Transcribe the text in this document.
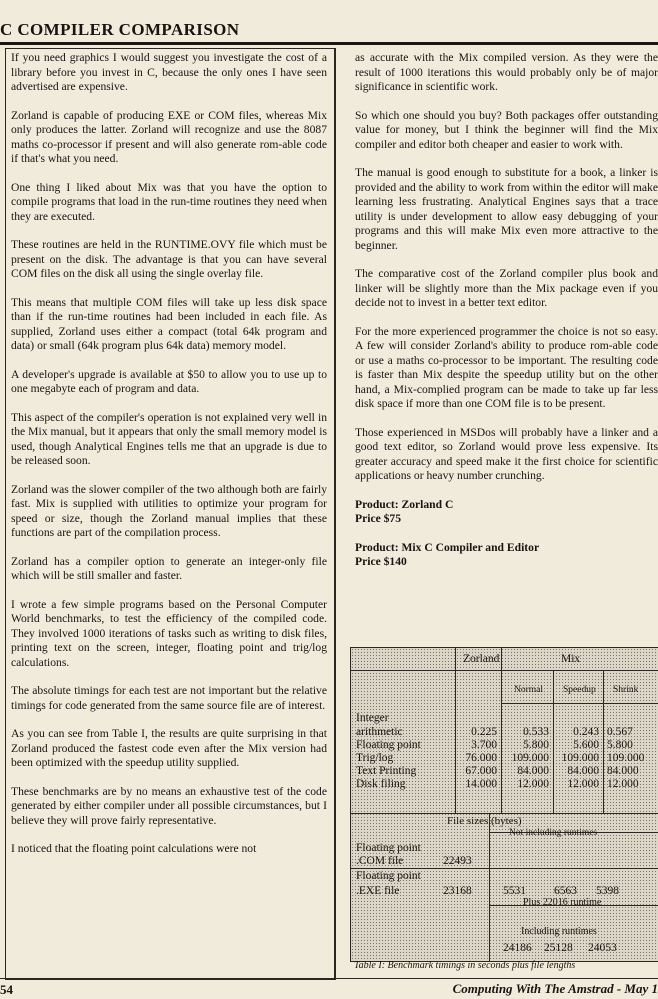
C COMPILER COMPARISON

If you need graphics I would suggest you investigate the cost of a library before you invest in C, because the only ones I have seen advertised are expensive.

Zorland is capable of producing EXE or COM files, whereas Mix only produces the latter. Zorland will recognize and use the 8087 maths co-processor if present and will also generate rom-able code if that's what you need.

One thing I liked about Mix was that you have the option to compile programs that load in the run-time routines they need when they are executed.

These routines are held in the RUNTIME.OVY file which must be present on the disk. The advantage is that you can have several COM files on the disk all using the single overlay file.

This means that multiple COM files will take up less disk space than if the run-time routines had been included in each file. As supplied, Zorland uses either a compact (total 64k program and data) or small (64k program plus 64k data) memory model.

A developer's upgrade is available at $50 to allow you to use up to one megabyte each of program and data.

This aspect of the compiler's operation is not explained very well in the Mix manual, but it appears that only the small memory model is used, though Analytical Engines tells me that an upgrade is due to be released soon.

Zorland was the slower compiler of the two although both are fairly fast. Mix is supplied with utilities to optimize your program for speed or size, though the Zorland manual implies that these functions are part of the compilation process.

Zorland has a compiler option to generate an integer-only file which will be still smaller and faster.

I wrote a few simple programs based on the Personal Computer World benchmarks, to test the efficiency of the compiled code. They involved 1000 iterations of tasks such as writing to disk files, printing text on the screen, integer, floating point and trig/log calculations.

The absolute timings for each test are not important but the relative timings for code generated from the same source file are of interest.

As you can see from Table I, the results are quite surprising in that Zorland produced the fastest code even after the Mix version had been optimized with the speedup utility supplied.

These benchmarks are by no means an exhaustive test of the code generated by either compiler under all possible circumstances, but I believe they will prove fairly representative.

I noticed that the floating point calculations were not

as accurate with the Mix compiled version. As they were the result of 1000 iterations this would probably only be of major significance in scientific work.

So which one should you buy? Both packages offer outstanding value for money, but I think the beginner will find the Mix compiler and editor both cheaper and easier to work with.

The manual is good enough to substitute for a book, a linker is provided and the ability to work from within the editor will make learning less frustrating. Analytical Engines says that a trace utility is under development to allow easy debugging of your programs and this will make Mix even more attractive to the beginner.

The comparative cost of the Zorland compiler plus book and linker will be slightly more than the Mix package even if you decide not to invest in a better text editor.

For the more experienced programmer the choice is not so easy. A few will consider Zorland's ability to produce rom-able code or use a maths co-processor to be important. The resulting code is faster than Mix despite the speedup utility but on the other hand, a Mix-complied program can be made to take up far less disk space if more than one COM file is to be present.

Those experienced in MSDos will probably have a linker and a good text editor, so Zorland would prove less expensive. Its greater accuracy and speed make it the first choice for scientific applications or heavy number crunching.

Product: Zorland C
Price $75
Product: Mix C Compiler and Editor
Price $140
Zorland	Mix
Normal Speedup Shrink
Integer
arithmetic	0.225	0.533	0.243 0.567
Floating point	3.700	5.800	5.600 5.800
Trig/log	76.000	109.000	109.000 109.000
Text Printing	67.000	84.000	84.000 84.000
Disk filing	14.000	12.000	12.000 12.000
File sizes (bytes)
Not including runtimes
Floating point
.COM file	22493
Floating point
.EXE file	23168	5531 6563 5398
Plus 22016 runtime
Including runtimes
24186 25128 24053
Table I: Benchmark timings in seconds plus file lengths
54	Computing With The Amstrad - May 1
